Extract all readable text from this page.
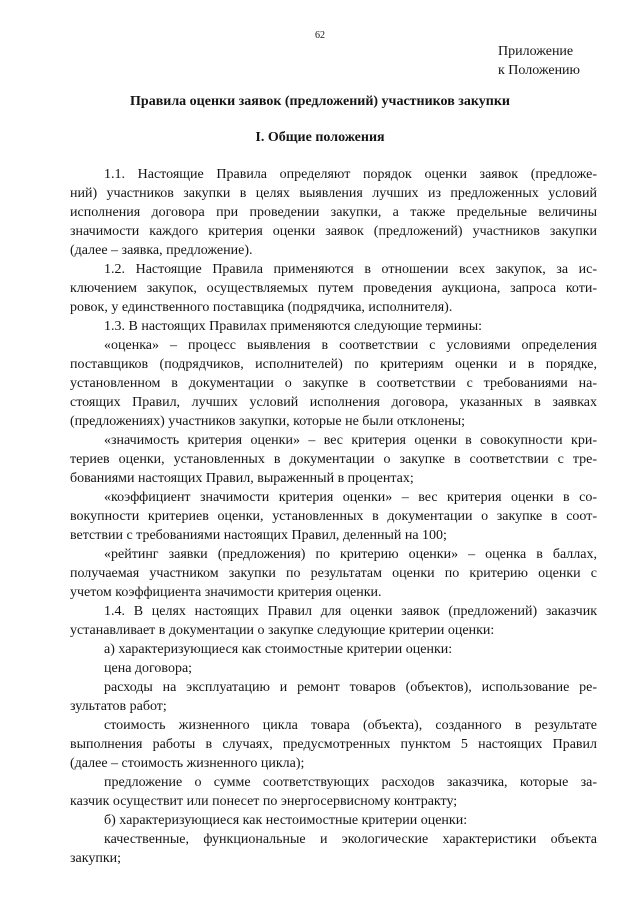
62
Приложение
к Положению
Правила оценки заявок (предложений) участников закупки
I. Общие положения
1.1. Настоящие Правила определяют порядок оценки заявок (предложе-
ний) участников закупки в целях выявления лучших из предложенных условий
исполнения договора при проведении закупки, а также предельные величины
значимости каждого критерия оценки заявок (предложений) участников закупки
(далее – заявка, предложение).
1.2. Настоящие Правила применяются в отношении всех закупок, за ис-
ключением закупок, осуществляемых путем проведения аукциона, запроса коти-
ровок, у единственного поставщика (подрядчика, исполнителя).
1.3. В настоящих Правилах применяются следующие термины:
«оценка» – процесс выявления в соответствии с условиями определения
поставщиков (подрядчиков, исполнителей) по критериям оценки и в порядке,
установленном в документации о закупке в соответствии с требованиями на-
стоящих Правил, лучших условий исполнения договора, указанных в заявках
(предложениях) участников закупки, которые не были отклонены;
«значимость критерия оценки» – вес критерия оценки в совокупности кри-
териев оценки, установленных в документации о закупке в соответствии с тре-
бованиями настоящих Правил, выраженный в процентах;
«коэффициент значимости критерия оценки» – вес критерия оценки в со-
вокупности критериев оценки, установленных в документации о закупке в соот-
ветствии с требованиями настоящих Правил, деленный на 100;
«рейтинг заявки (предложения) по критерию оценки» – оценка в баллах,
получаемая участником закупки по результатам оценки по критерию оценки с
учетом коэффициента значимости критерия оценки.
1.4. В целях настоящих Правил для оценки заявок (предложений) заказчик
устанавливает в документации о закупке следующие критерии оценки:
а) характеризующиеся как стоимостные критерии оценки:
цена договора;
расходы на эксплуатацию и ремонт товаров (объектов), использование ре-
зультатов работ;
стоимость жизненного цикла товара (объекта), созданного в результате
выполнения работы в случаях, предусмотренных пунктом 5 настоящих Правил
(далее – стоимость жизненного цикла);
предложение о сумме соответствующих расходов заказчика, которые за-
казчик осуществит или понесет по энергосервисному контракту;
б) характеризующиеся как нестоимостные критерии оценки:
качественные, функциональные и экологические характеристики объекта
закупки;
